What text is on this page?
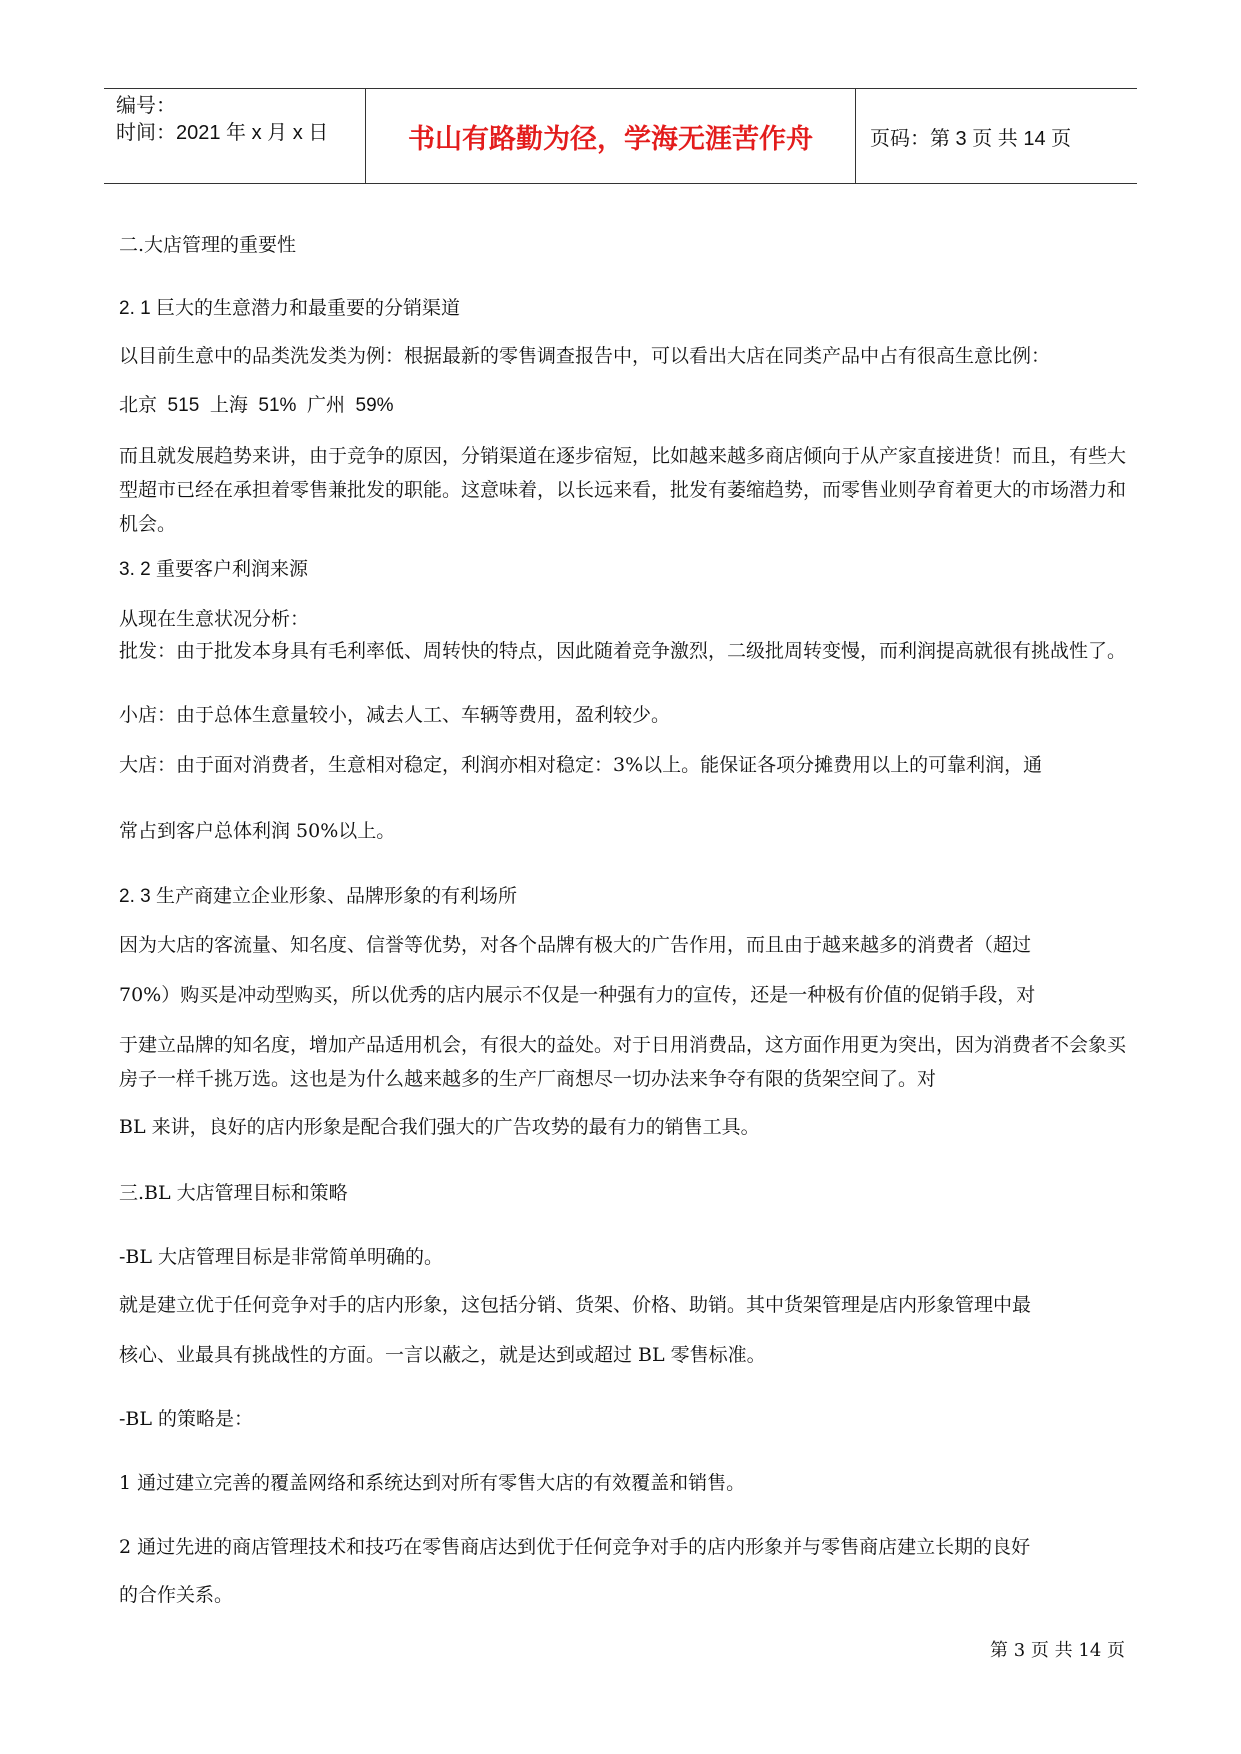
编号：
时间：2021 年 x 月 x 日	书山有路勤为径，学海无涯苦作舟	页码：第 3 页 共 14 页
二.大店管理的重要性
2. 1 巨大的生意潜力和最重要的分销渠道
以目前生意中的品类洗发类为例：根据最新的零售调查报告中，可以看出大店在同类产品中占有很高生意比例：
北京  515  上海  51%  广州  59%
而且就发展趋势来讲，由于竞争的原因，分销渠道在逐步宿短，比如越来越多商店倾向于从产家直接进货！而且，有些大型超市已经在承担着零售兼批发的职能。这意味着，以长远来看，批发有萎缩趋势，而零售业则孕育着更大的市场潜力和机会。
3. 2 重要客户利润来源
从现在生意状况分析：
批发：由于批发本身具有毛利率低、周转快的特点，因此随着竞争激烈，二级批周转变慢，而利润提高就很有挑战性了。
小店：由于总体生意量较小，减去人工、车辆等费用，盈利较少。
大店：由于面对消费者，生意相对稳定，利润亦相对稳定：3%以上。能保证各项分摊费用以上的可靠利润，通
常占到客户总体利润 50%以上。
2. 3 生产商建立企业形象、品牌形象的有利场所
因为大店的客流量、知名度、信誉等优势，对各个品牌有极大的广告作用，而且由于越来越多的消费者（超过
70%）购买是冲动型购买，所以优秀的店内展示不仅是一种强有力的宣传，还是一种极有价值的促销手段，对
于建立品牌的知名度，增加产品适用机会，有很大的益处。对于日用消费品，这方面作用更为突出，因为消费者不会象买房子一样千挑万选。这也是为什么越来越多的生产厂商想尽一切办法来争夺有限的货架空间了。对
BL 来讲，良好的店内形象是配合我们强大的广告攻势的最有力的销售工具。
三.BL 大店管理目标和策略
-BL 大店管理目标是非常简单明确的。
就是建立优于任何竞争对手的店内形象，这包括分销、货架、价格、助销。其中货架管理是店内形象管理中最
核心、业最具有挑战性的方面。一言以蔽之，就是达到或超过 BL 零售标准。
-BL 的策略是：
1 通过建立完善的覆盖网络和系统达到对所有零售大店的有效覆盖和销售。
2 通过先进的商店管理技术和技巧在零售商店达到优于任何竞争对手的店内形象并与零售商店建立长期的良好
的合作关系。
第 3 页 共 14 页
